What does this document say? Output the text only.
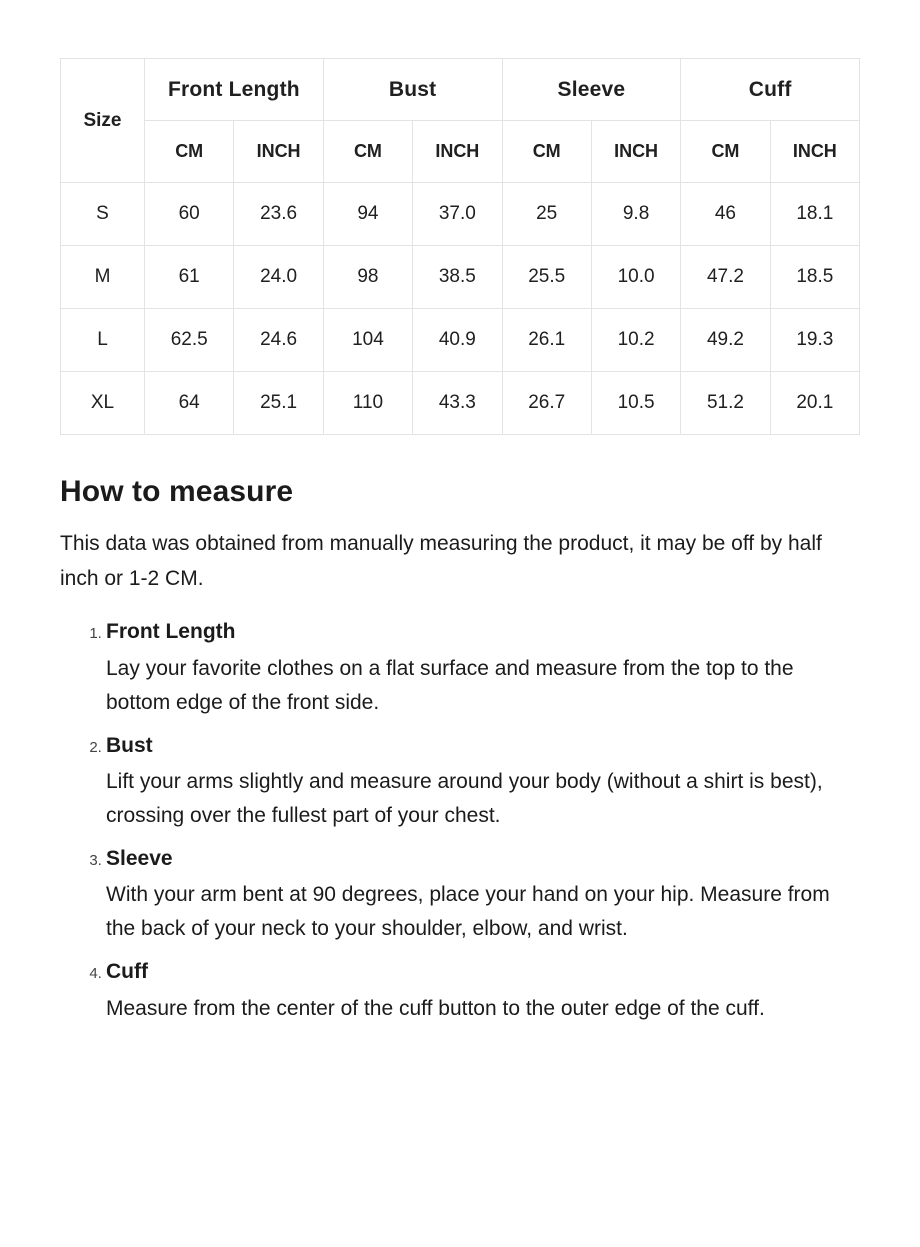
Size	Front Length		Bust		Sleeve		Cuff	
	CM	INCH	CM	INCH	CM	INCH	CM	INCH
S	60	23.6	94	37.0	25	9.8	46	18.1
M	61	24.0	98	38.5	25.5	10.0	47.2	18.5
L	62.5	24.6	104	40.9	26.1	10.2	49.2	19.3
XL	64	25.1	110	43.3	26.7	10.5	51.2	20.1
How to measure

This data was obtained from manually measuring the product, it may be off by half inch or 1-2 CM.

1. Front Length
Lay your favorite clothes on a flat surface and measure from the top to the bottom edge of the front side.
2. Bust
Lift your arms slightly and measure around your body (without a shirt is best), crossing over the fullest part of your chest.
3. Sleeve
With your arm bent at 90 degrees, place your hand on your hip. Measure from the back of your neck to your shoulder, elbow, and wrist.
4. Cuff
Measure from the center of the cuff button to the outer edge of the cuff.
